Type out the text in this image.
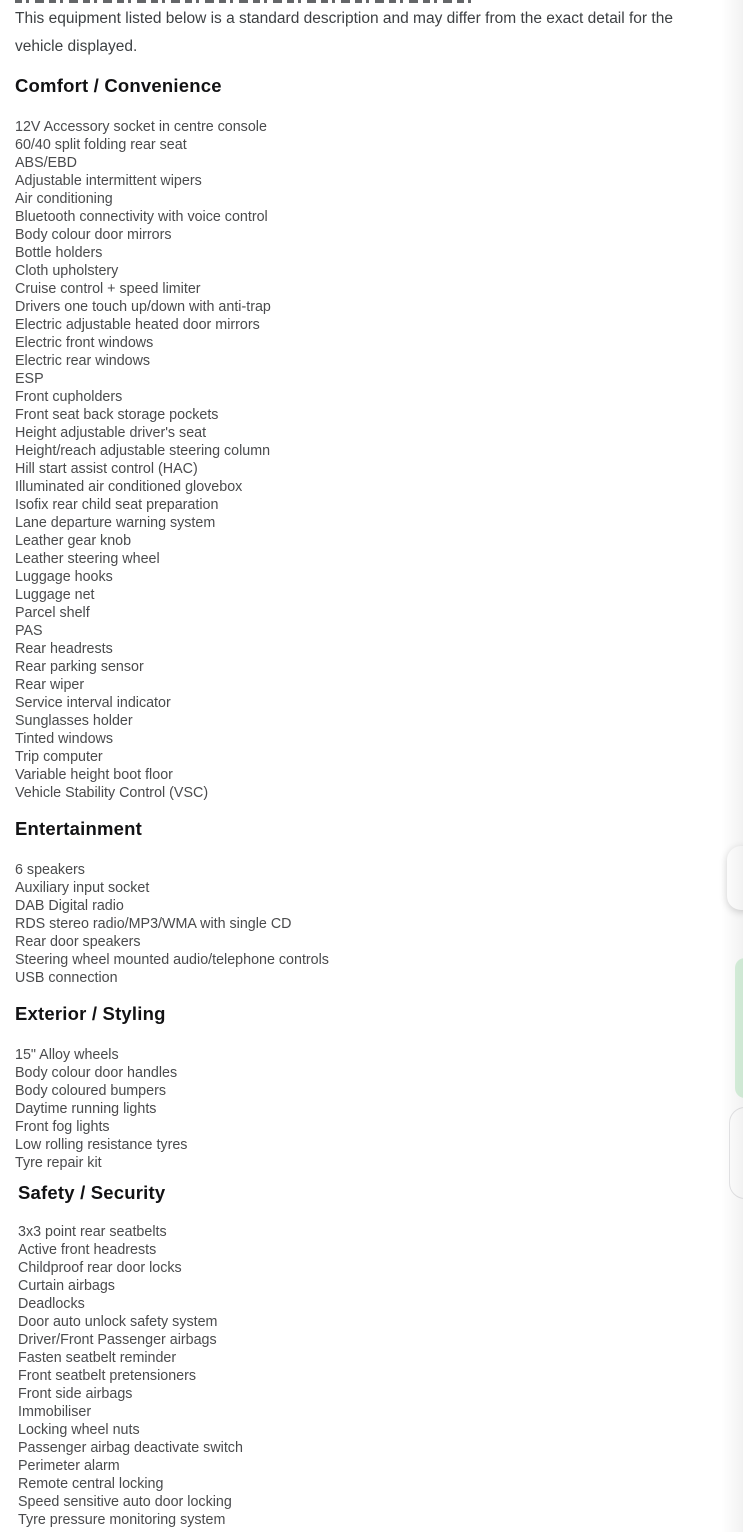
This equipment listed below is a standard description and may differ from the exact detail for the vehicle displayed.

Comfort / Convenience
12V Accessory socket in centre console
60/40 split folding rear seat
ABS/EBD
Adjustable intermittent wipers
Air conditioning
Bluetooth connectivity with voice control
Body colour door mirrors
Bottle holders
Cloth upholstery
Cruise control + speed limiter
Drivers one touch up/down with anti-trap
Electric adjustable heated door mirrors
Electric front windows
Electric rear windows
ESP
Front cupholders
Front seat back storage pockets
Height adjustable driver's seat
Height/reach adjustable steering column
Hill start assist control (HAC)
Illuminated air conditioned glovebox
Isofix rear child seat preparation
Lane departure warning system
Leather gear knob
Leather steering wheel
Luggage hooks
Luggage net
Parcel shelf
PAS
Rear headrests
Rear parking sensor
Rear wiper
Service interval indicator
Sunglasses holder
Tinted windows
Trip computer
Variable height boot floor
Vehicle Stability Control (VSC)
Entertainment
6 speakers
Auxiliary input socket
DAB Digital radio
RDS stereo radio/MP3/WMA with single CD
Rear door speakers
Steering wheel mounted audio/telephone controls
USB connection
Exterior / Styling
15" Alloy wheels
Body colour door handles
Body coloured bumpers
Daytime running lights
Front fog lights
Low rolling resistance tyres
Tyre repair kit
Safety / Security
3x3 point rear seatbelts
Active front headrests
Childproof rear door locks
Curtain airbags
Deadlocks
Door auto unlock safety system
Driver/Front Passenger airbags
Fasten seatbelt reminder
Front seatbelt pretensioners
Front side airbags
Immobiliser
Locking wheel nuts
Passenger airbag deactivate switch
Perimeter alarm
Remote central locking
Speed sensitive auto door locking
Tyre pressure monitoring system
